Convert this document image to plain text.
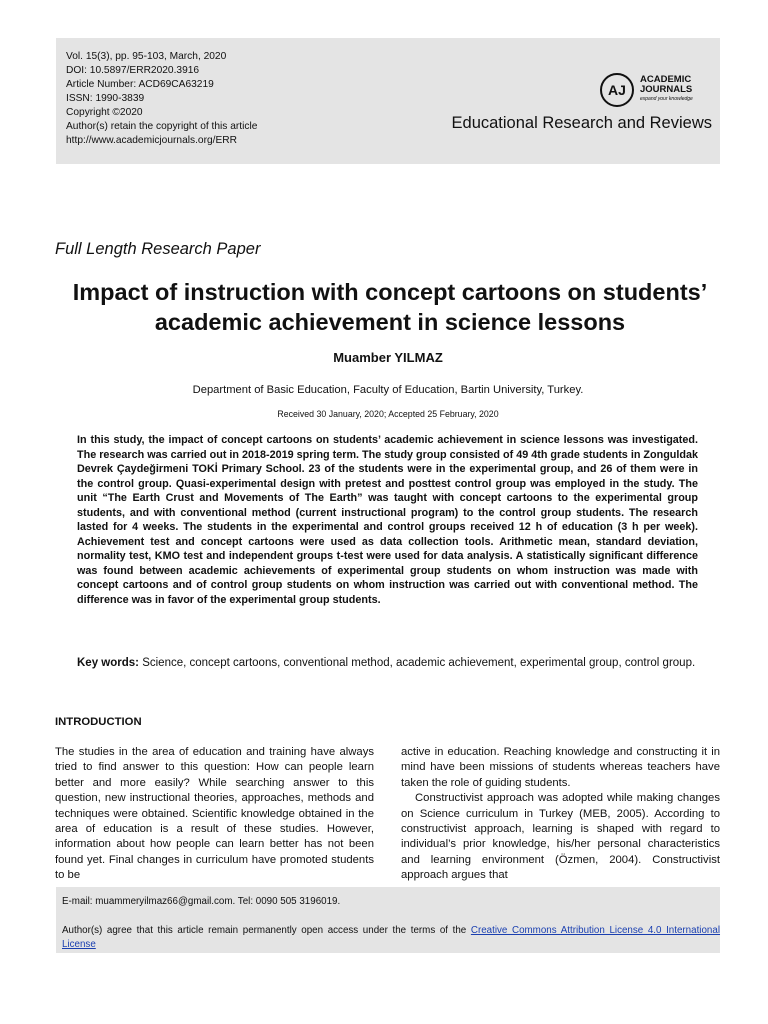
Vol. 15(3), pp. 95-103, March, 2020
DOI: 10.5897/ERR2020.3916
Article Number: ACD69CA63219
ISSN: 1990-3839
Copyright ©2020
Author(s) retain the copyright of this article
http://www.academicjournals.org/ERR
AJ
ACADEMIC
JOURNALS
expand your knowledge
Educational Research and Reviews
Full Length Research Paper
Impact of instruction with concept cartoons on students’ academic achievement in science lessons
Muamber YILMAZ
Department of Basic Education, Faculty of Education, Bartin University, Turkey.
Received 30 January, 2020; Accepted 25 February, 2020
In this study, the impact of concept cartoons on students’ academic achievement in science lessons was investigated. The research was carried out in 2018-2019 spring term. The study group consisted of 49 4th grade students in Zonguldak Devrek Çaydeğirmeni TOKİ Primary School. 23 of the students were in the experimental group, and 26 of them were in the control group. Quasi-experimental design with pretest and posttest control group was employed in the study. The unit “The Earth Crust and Movements of The Earth” was taught with concept cartoons to the experimental group students, and with conventional method (current instructional program) to the control group students. The research lasted for 4 weeks. The students in the experimental and control groups received 12 h of education (3 h per week). Achievement test and concept cartoons were used as data collection tools. Arithmetic mean, standard deviation, normality test, KMO test and independent groups t-test were used for data analysis. A statistically significant difference was found between academic achievements of experimental group students on whom instruction was made with concept cartoons and of control group students on whom instruction was carried out with conventional method. The difference was in favor of the experimental group students.
Key words: Science, concept cartoons, conventional method, academic achievement, experimental group, control group.
INTRODUCTION
The studies in the area of education and training have always tried to find answer to this question: How can people learn better and more easily? While searching answer to this question, new instructional theories, approaches, methods and techniques were obtained. Scientific knowledge obtained in the area of education is a result of these studies. However, information about how people can learn better has not been found yet. Final changes in curriculum have promoted students to be
active in education. Reaching knowledge and constructing it in mind have been missions of students whereas teachers have taken the role of guiding students.
Constructivist approach was adopted while making changes on Science curriculum in Turkey (MEB, 2005). According to constructivist approach, learning is shaped with regard to individual’s prior knowledge, his/her personal characteristics and learning environment (Özmen, 2004). Constructivist approach argues that
E-mail: muammeryilmaz66@gmail.com. Tel: 0090 505 3196019.
Author(s) agree that this article remain permanently open access under the terms of the Creative Commons Attribution License 4.0 International License
